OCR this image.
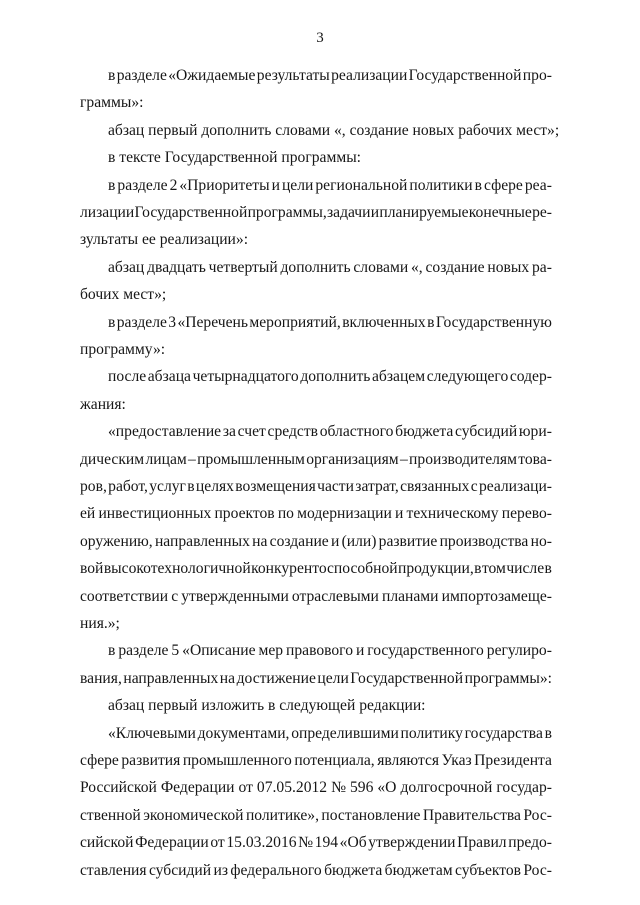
3
в разделе «Ожидаемые результаты реализации Государственной про-
граммы»:
абзац первый дополнить словами «, создание новых рабочих мест»;
в тексте Государственной программы:
в разделе 2 «Приоритеты и цели региональной политики в сфере реа-
лизации Государственной программы, задачи и планируемые конечные ре-
зультаты ее реализации»:
абзац двадцать четвертый дополнить словами «, создание новых ра-
бочих мест»;
в разделе 3 «Перечень мероприятий, включенных в Государственную
программу»:
после абзаца четырнадцатого дополнить абзацем следующего содер-
жания:
«предоставление за счет средств областного бюджета субсидий юри-
дическим лицам – промышленным организациям – производителям това-
ров, работ, услуг в целях возмещения части затрат, связанных с реализаци-
ей инвестиционных проектов по модернизации и техническому перево-
оружению, направленных на создание и (или) развитие производства но-
вой высокотехнологичной конкурентоспособной продукции, в том числе в
соответствии с утвержденными отраслевыми планами импортозамеще-
ния.»;
в разделе 5 «Описание мер правового и государственного регулиро-
вания, направленных на достижение цели Государственной программы»:
абзац первый изложить в следующей редакции:
«Ключевыми документами, определившими политику государства в
сфере развития промышленного потенциала, являются Указ Президента
Российской Федерации от 07.05.2012 № 596 «О долгосрочной государ-
ственной экономической политике», постановление Правительства Рос-
сийской Федерации от 15.03.2016 № 194 «Об утверждении Правил предо-
ставления субсидий из федерального бюджета бюджетам субъектов Рос-
